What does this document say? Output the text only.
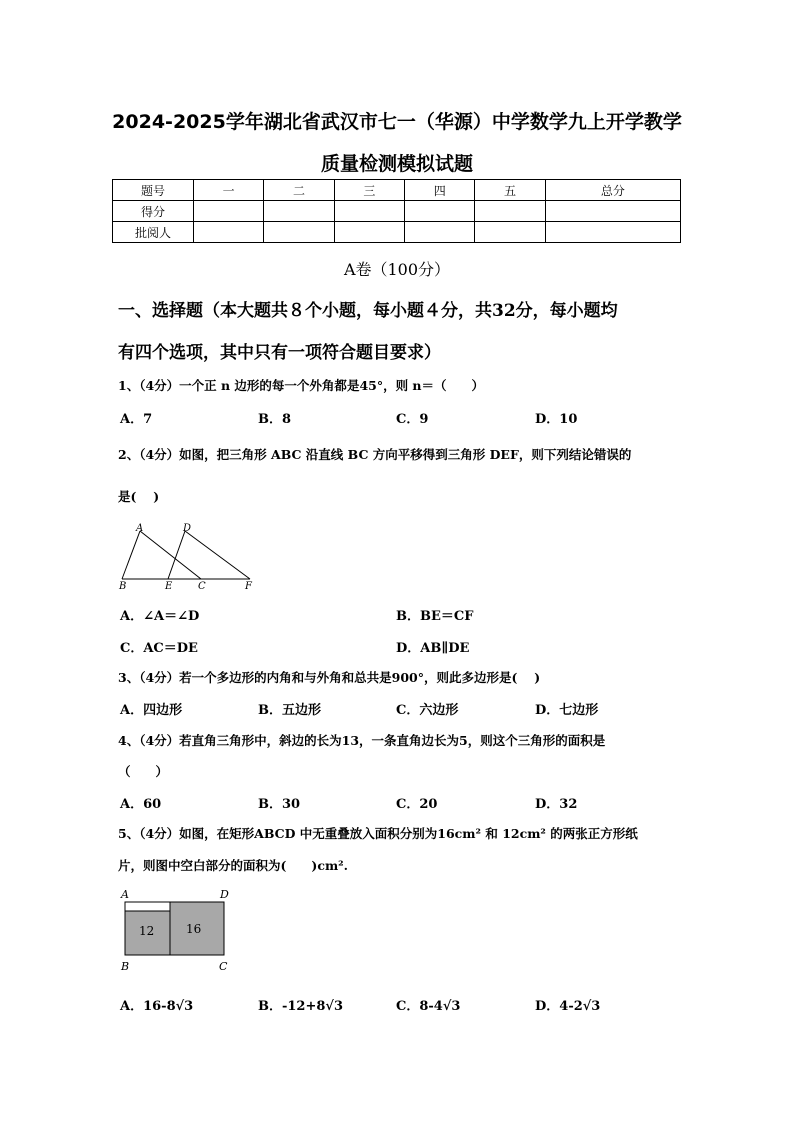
2024-2025学年湖北省武汉市七一（华源）中学数学九上开学教学
质量检测模拟试题
题号	一	二	三	四	五	总分
得分						
批阅人						
A卷（100分）
一、选择题（本大题共８个小题，每小题４分，共32分，每小题均
有四个选项，其中只有一项符合题目要求）
1、（4分）一个正 n 边形的每一个外角都是45°，则 n＝（　　）
A．7	B．8	C．9	D．10
2、（4分）如图，把三角形 ABC 沿直线 BC 方向平移得到三角形 DEF，则下列结论错误的
是(　 )
A	D
B	E	C	F
A．∠A＝∠D	B．BE＝CF
C．AC＝DE	D．AB∥DE
3、（4分）若一个多边形的内角和与外角和总共是900°，则此多边形是(　 )
A．四边形	B．五边形	C．六边形	D．七边形
4、（4分）若直角三角形中，斜边的长为13，一条直角边长为5，则这个三角形的面积是
（　　）
A．60	B．30	C．20	D．32
5、（4分）如图，在矩形ABCD 中无重叠放入面积分别为16cm² 和 12cm² 的两张正方形纸
片，则图中空白部分的面积为(　　)cm².
A	D
B	C
12	16
A．16-8√3	B．-12+8√3	C．8-4√3	D．4-2√3
